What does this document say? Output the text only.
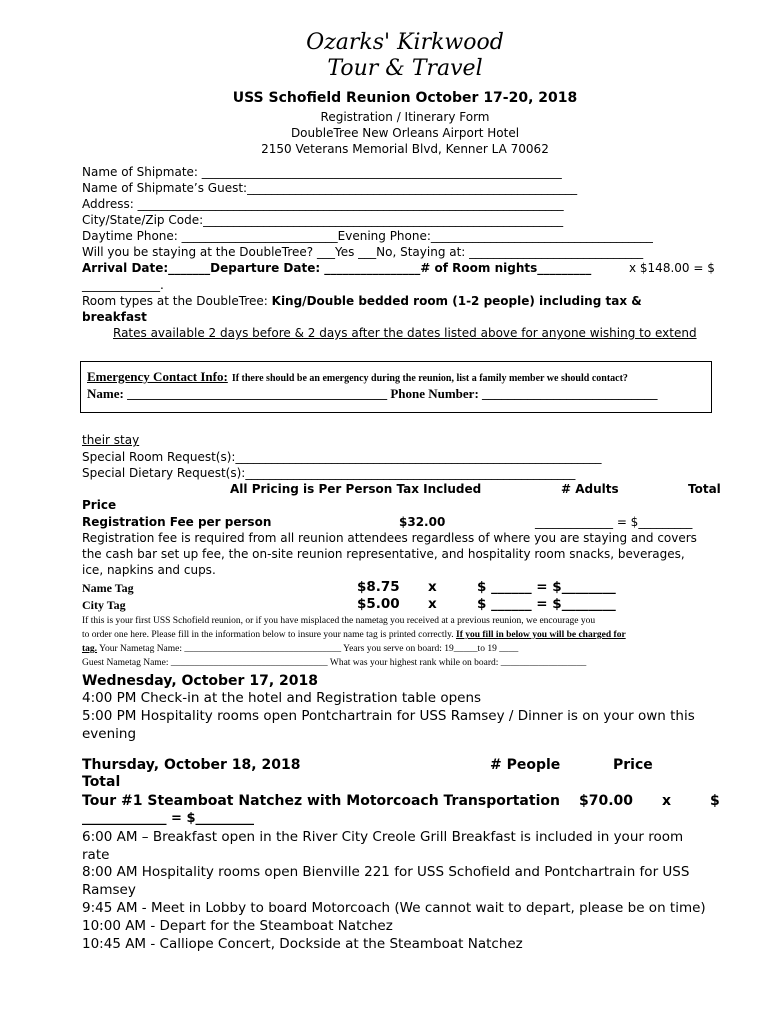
Ozarks' Kirkwood
Tour & Travel
USS Schofield Reunion October 17-20, 2018
Registration / Itinerary Form
DoubleTree New Orleans Airport Hotel
2150 Veterans Memorial Blvd, Kenner LA 70062
Name of Shipmate: ____________________________________________________________
Name of Shipmate’s Guest:_______________________________________________________
Address: _______________________________________________________________________
City/State/Zip Code:____________________________________________________________
Daytime Phone: __________________________Evening Phone:_____________________________________
Will you be staying at the DoubleTree? ___Yes ___No, Staying at: _____________________________
Arrival Date:_______Departure Date: ________________# of Room nights_________	x $148.00 = $
_____________.
Room types at the DoubleTree: King/Double bedded room (1-2 people) including tax &
breakfast
Rates available 2 days before & 2 days after the dates listed above for anyone wishing to extend
Emergency Contact Info: If there should be an emergency during the reunion, list a family member we should contact?
Name: ________________________________________ Phone Number: ___________________________
their stay
Special Room Request(s):_____________________________________________________________
Special Dietary Request(s):_______________________________________________________
All Pricing is Per Person Tax Included	# Adults	Total
Price
Registration Fee per person	$32.00	_____________ = $_________
Registration fee is required from all reunion attendees regardless of where you are staying and covers
the cash bar set up fee, the on-site reunion representative, and hospitality room snacks, beverages,
ice, napkins and cups.
Name Tag	$8.75 x	$ ______ = $________
City Tag	$5.00 x	$ ______ = $________
If this is your first USS Schofield reunion, or if you have misplaced the nametag you received at a previous reunion, we encourage you
to order one here. Please fill in the information below to insure your name tag is printed correctly. If you fill in below you will be charged for
tag. Your Nametag Name: _________________________________ Years you serve on board: 19_____to 19 ____
Guest Nametag Name: _________________________________ What was your highest rank while on board: __________________
Wednesday, October 17, 2018
4:00 PM Check-in at the hotel and Registration table opens
5:00 PM Hospitality rooms open Pontchartrain for USS Ramsey / Dinner is on your own this
evening
Thursday, October 18, 2018	# People	Price
Total
Tour #1 Steamboat Natchez with Motorcoach Transportation $70.00 x	$
_____________ = $_________
6:00 AM – Breakfast open in the River City Creole Grill Breakfast is included in your room
rate
8:00 AM Hospitality rooms open Bienville 221 for USS Schofield and Pontchartrain for USS
Ramsey
9:45 AM - Meet in Lobby to board Motorcoach (We cannot wait to depart, please be on time)
10:00 AM - Depart for the Steamboat Natchez
10:45 AM - Calliope Concert, Dockside at the Steamboat Natchez
